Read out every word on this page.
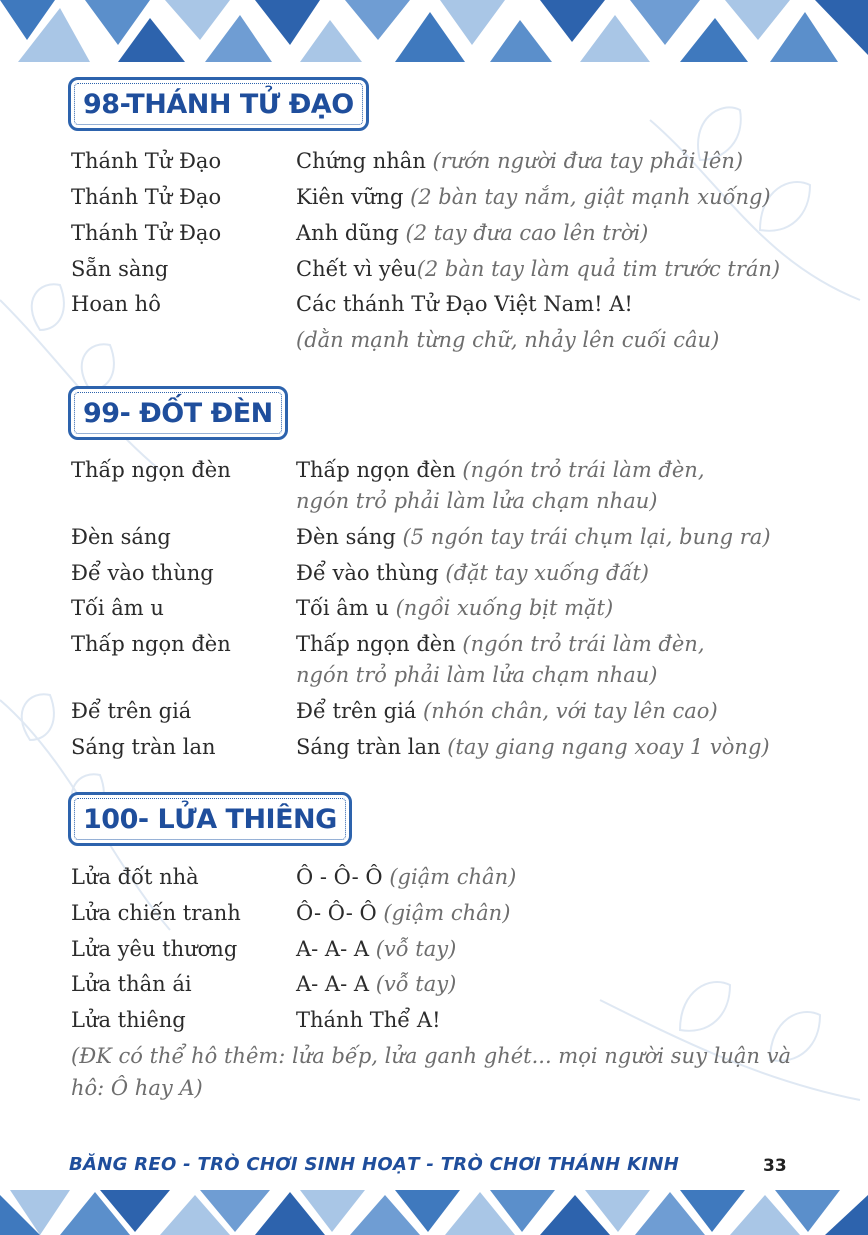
98-THÁNH TỬ ĐẠO
Thánh Tử Đạo	Chứng nhân (rướn người đưa tay phải lên)
Thánh Tử Đạo	Kiên vững (2 bàn tay nắm, giật mạnh xuống)
Thánh Tử Đạo	Anh dũng (2 tay đưa cao lên trời)
Sẵn sàng	Chết vì yêu(2 bàn tay làm quả tim trước trán)
Hoan hô	Các thánh Tử Đạo Việt Nam! A!
(dằn mạnh từng chữ, nhảy lên cuối câu)
99- ĐỐT ĐÈN
Thấp ngọn đèn	Thấp ngọn đèn (ngón trỏ trái làm đèn,
ngón trỏ phải làm lửa chạm nhau)
Đèn sáng	Đèn sáng (5 ngón tay trái chụm lại, bung ra)
Để vào thùng	Để vào thùng (đặt tay xuống đất)
Tối âm u	Tối âm u (ngồi xuống bịt mặt)
Thấp ngọn đèn	Thấp ngọn đèn (ngón trỏ trái làm đèn,
ngón trỏ phải làm lửa chạm nhau)
Để trên giá	Để trên giá (nhón chân, với tay lên cao)
Sáng tràn lan	Sáng tràn lan (tay giang ngang xoay 1 vòng)
100- LỬA THIÊNG
Lửa đốt nhà	Ô - Ô- Ô (giậm chân)
Lửa chiến tranh	Ô- Ô- Ô (giậm chân)
Lửa yêu thương	A- A- A (vỗ tay)
Lửa thân ái	A- A- A (vỗ tay)
Lửa thiêng	Thánh Thể A!
(ĐK có thể hô thêm: lửa bếp, lửa ganh ghét... mọi người suy luận và hô: Ô hay A)
BĂNG REO - TRÒ CHƠI SINH HOẠT - TRÒ CHƠI THÁNH KINH	33
